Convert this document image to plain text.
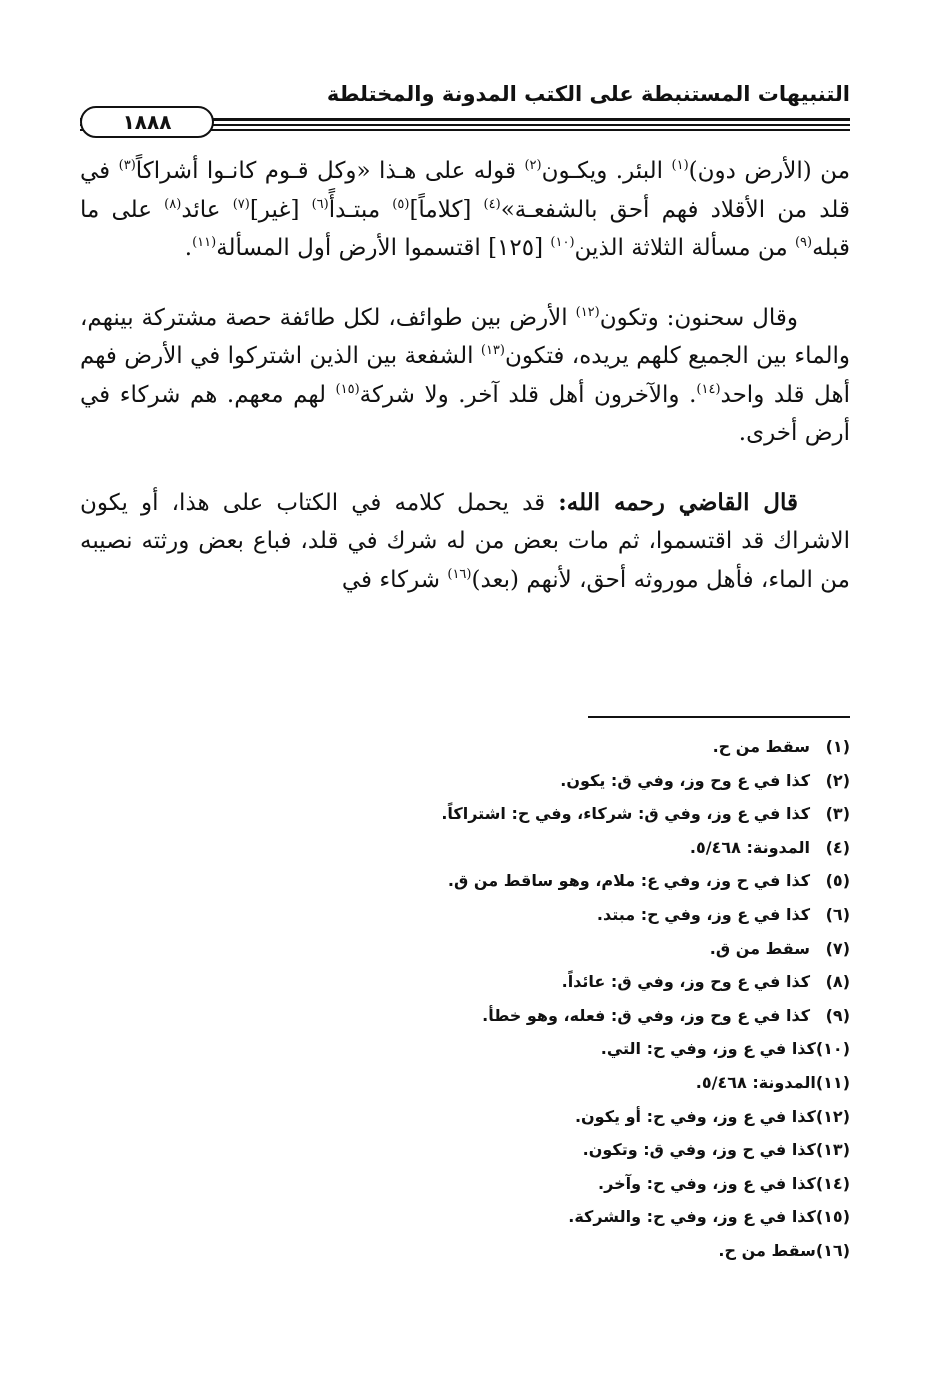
التنبيهات المستنبطة على الكتب المدونة والمختلطة
١٨٨٨

من (الأرض دون)$^{(١)}$ البئر. ويكـون$^{(٢)}$ قوله على هـذا «وكل قـوم كانـوا أشراكاً$^{(٣)}$ في قلد من الأقلاد فهم أحق بالشفعـة»$^{(٤)}$ [كلاماً]$^{(٥)}$ مبتـدأً$^{(٦)}$ [غير]$^{(٧)}$ عائد$^{(٨)}$ على ما قبله$^{(٩)}$ من مسألة الثلاثة الذين$^{(١٠)}$ [١٢٥] اقتسموا الأرض أول المسألة$^{(١١)}$.

وقال سحنون: وتكون$^{(١٢)}$ الأرض بين طوائف، لكل طائفة حصة مشتركة بينهم، والماء بين الجميع كلهم يريده، فتكون$^{(١٣)}$ الشفعة بين الذين اشتركوا في الأرض فهم أهل قلد واحد$^{(١٤)}$. والآخرون أهل قلد آخر. ولا شركة$^{(١٥)}$ لهم معهم. هم شركاء في أرض أخرى.

قال القاضي رحمه الله: قد يحمل كلامه في الكتاب على هذا، أو يكون الاشراك قد اقتسموا، ثم مات بعض من له شرك في قلد، فباع بعض ورثته نصيبه من الماء، فأهل موروثه أحق، لأنهم (بعد)$^{(١٦)}$ شركاء في

(١)
سقط من ح.
(٢)
كذا في ع وح وز، وفي ق: يكون.
(٣)
كذا في ع وز، وفي ق: شركاء، وفي ح: اشتراكاً.
(٤)
المدونة: ٥/٤٦٨.
(٥)
كذا في ح وز، وفي ع: ملام، وهو ساقط من ق.
(٦)
كذا في ع وز، وفي ح: مبتد.
(٧)
سقط من ق.
(٨)
كذا في ع وح وز، وفي ق: عائداً.
(٩)
كذا في ع وح وز، وفي ق: فعله، وهو خطأ.
(١٠)
كذا في ع وز، وفي ح: التي.
(١١)
المدونة: ٥/٤٦٨.
(١٢)
كذا في ع وز، وفي ح: أو يكون.
(١٣)
كذا في ح وز، وفي ق: وتكون.
(١٤)
كذا في ع وز، وفي ح: وآخر.
(١٥)
كذا في ع وز، وفي ح: والشركة.
(١٦)
سقط من ح.
